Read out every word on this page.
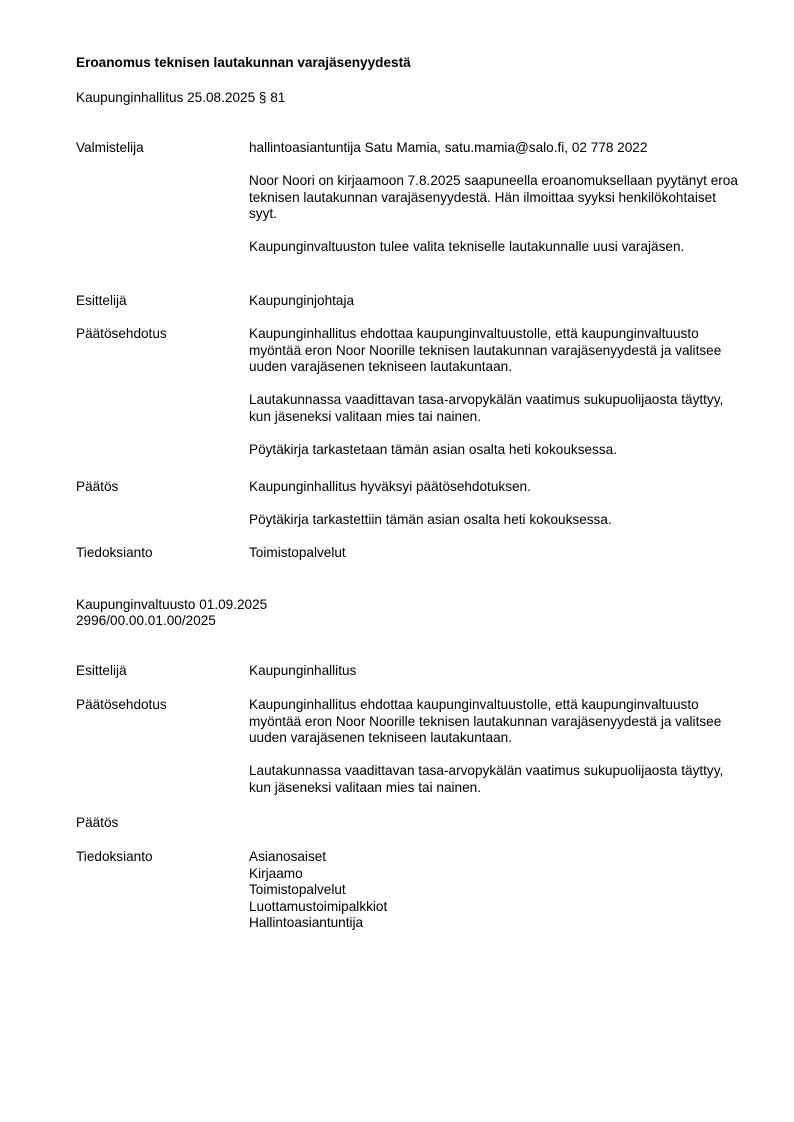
Eroanomus teknisen lautakunnan varajäsenyydestä
Kaupunginhallitus 25.08.2025 § 81
Valmistelija	hallintoasiantuntija Satu Mamia, satu.mamia@salo.fi, 02 778 2022

Noor Noori on kirjaamoon 7.8.2025 saapuneella eroanomuksellaan pyytänyt eroa teknisen lautakunnan varajäsenyydestä. Hän ilmoittaa syyksi henkilökohtaiset syyt.

Kaupunginvaltuuston tulee valita tekniselle lautakunnalle uusi varajäsen.

Esittelijä	Kaupunginjohtaja
Päätösehdotus	Kaupunginhallitus ehdottaa kaupunginvaltuustolle, että kaupunginvaltuusto myöntää eron Noor Noorille teknisen lautakunnan varajäsenyydestä ja valitsee uuden varajäsenen tekniseen lautakuntaan.

Lautakunnassa vaadittavan tasa-arvopykälän vaatimus sukupuolijaosta täyttyy, kun jäseneksi valitaan mies tai nainen.

Pöytäkirja tarkastetaan tämän asian osalta heti kokouksessa.

Päätös	Kaupunginhallitus hyväksyi päätösehdotuksen.

Pöytäkirja tarkastettiin tämän asian osalta heti kokouksessa.

Tiedoksianto	Toimistopalvelut
Kaupunginvaltuusto 01.09.2025
2996/00.00.01.00/2025
Esittelijä	Kaupunginhallitus
Päätösehdotus	Kaupunginhallitus ehdottaa kaupunginvaltuustolle, että kaupunginvaltuusto myöntää eron Noor Noorille teknisen lautakunnan varajäsenyydestä ja valitsee uuden varajäsenen tekniseen lautakuntaan.

Lautakunnassa vaadittavan tasa-arvopykälän vaatimus sukupuolijaosta täyttyy, kun jäseneksi valitaan mies tai nainen.

Päätös
Tiedoksianto	Asianosaiset
Kirjaamo
Toimistopalvelut
Luottamustoimipalkkiot
Hallintoasiantuntija
